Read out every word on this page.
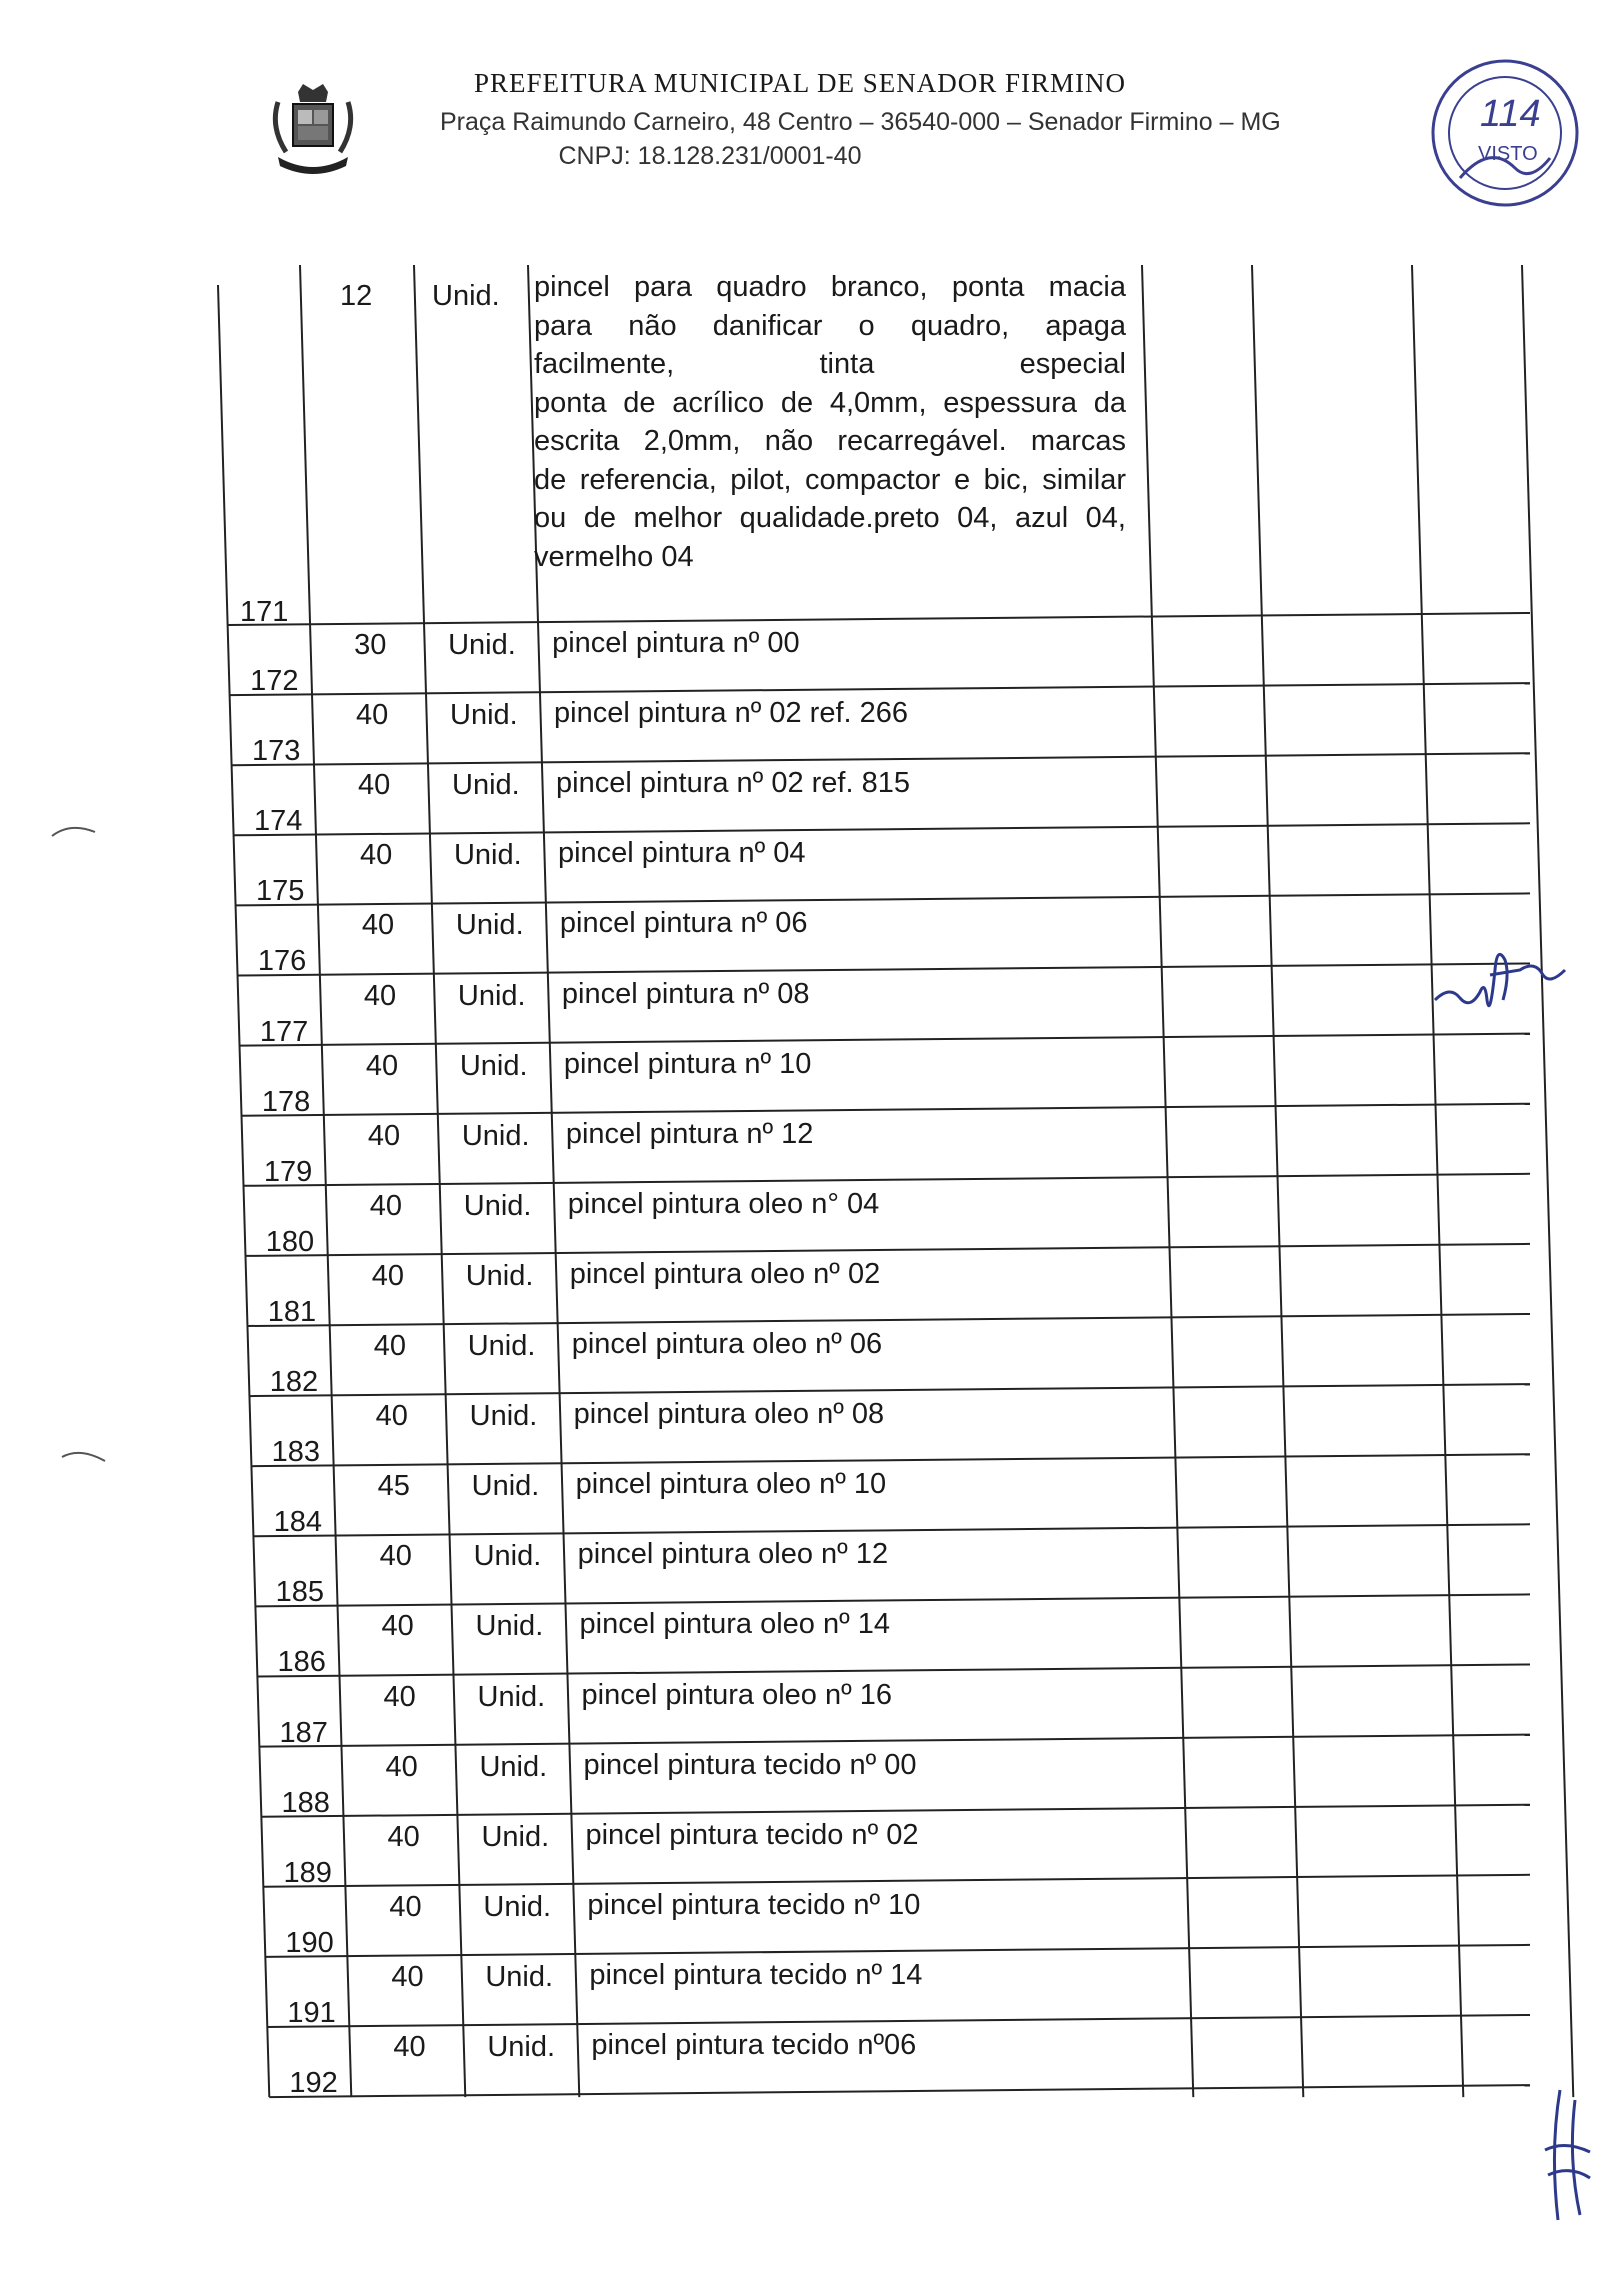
PREFEITURA MUNICIPAL DE SENADOR FIRMINO
Praça Raimundo Carneiro, 48 Centro – 36540-000 – Senador Firmino – MG
CNPJ: 18.128.231/0001-40
114
VISTO
12 Unid. pincel para quadro branco, ponta macia
para não danificar o quadro, apaga
facilmente, tinta especial
ponta de acrílico de 4,0mm, espessura da
escrita 2,0mm, não recarregável. marcas
de referencia, pilot, compactor e bic, similar
ou de melhor qualidade.preto 04, azul 04,
vermelho 04
171
30 Unid. pincel pintura nº 00
172
40 Unid. pincel pintura nº 02 ref. 266
173
40 Unid. pincel pintura nº 02 ref. 815
174
40 Unid. pincel pintura nº 04
175
40 Unid. pincel pintura nº 06
176
40 Unid. pincel pintura nº 08
177
40 Unid. pincel pintura nº 10
178
40 Unid. pincel pintura nº 12
179
40 Unid. pincel pintura oleo n° 04
180
40 Unid. pincel pintura oleo nº 02
181
40 Unid. pincel pintura oleo nº 06
182
40 Unid. pincel pintura oleo nº 08
183
45 Unid. pincel pintura oleo nº 10
184
40 Unid. pincel pintura oleo nº 12
185
40 Unid. pincel pintura oleo nº 14
186
40 Unid. pincel pintura oleo nº 16
187
40 Unid. pincel pintura tecido nº 00
188
40 Unid. pincel pintura tecido nº 02
189
40 Unid. pincel pintura tecido nº 10
190
40 Unid. pincel pintura tecido nº 14
191
40 Unid. pincel pintura tecido nº06
192
